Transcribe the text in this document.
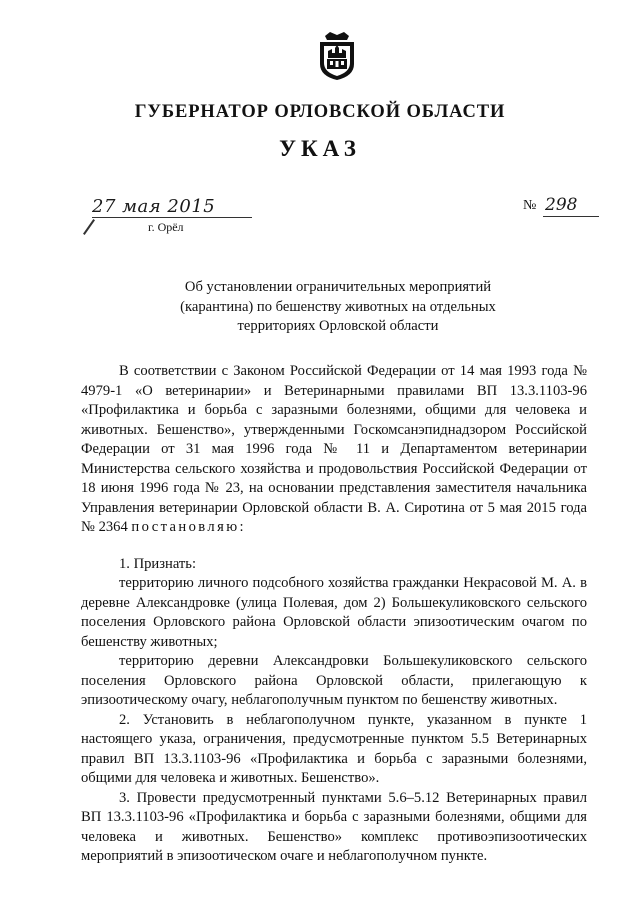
ГУБЕРНАТОР ОРЛОВСКОЙ ОБЛАСТИ
УКАЗ
27 мая 2015
г. Орёл
№ 298
Об установлении ограничительных мероприятий
(карантина) по бешенству животных на отдельных
территориях Орловской области

В соответствии с Законом Российской Федерации от 14 мая 1993 года № 4979-1 «О ветеринарии» и Ветеринарными правилами ВП 13.3.1103-96 «Профилактика и борьба с заразными болезнями, общими для человека и животных. Бешенство», утвержденными Госкомсанэпиднадзором Российской Федерации от 31 мая 1996 года № 11 и Департаментом ветеринарии Министерства сельского хозяйства и продовольствия Российской Федерации от 18 июня 1996 года № 23, на основании представления заместителя начальника Управления ветеринарии Орловской области В. А. Сиротина от 5 мая 2015 года № 2364 постановляю:

1. Признать:

территорию личного подсобного хозяйства гражданки Некрасовой М. А. в деревне Александровке (улица Полевая, дом 2) Большекуликовского сельского поселения Орловского района Орловской области эпизоотическим очагом по бешенству животных;

территорию деревни Александровки Большекуликовского сельского поселения Орловского района Орловской области, прилегающую к эпизоотическому очагу, неблагополучным пунктом по бешенству животных.

2. Установить в неблагополучном пункте, указанном в пункте 1 настоящего указа, ограничения, предусмотренные пунктом 5.5 Ветеринарных правил ВП 13.3.1103-96 «Профилактика и борьба с заразными болезнями, общими для человека и животных. Бешенство».

3. Провести предусмотренный пунктами 5.6–5.12 Ветеринарных правил ВП 13.3.1103-96 «Профилактика и борьба с заразными болезнями, общими для человека и животных. Бешенство» комплекс противоэпизоотических мероприятий в эпизоотическом очаге и неблагополучном пункте.
